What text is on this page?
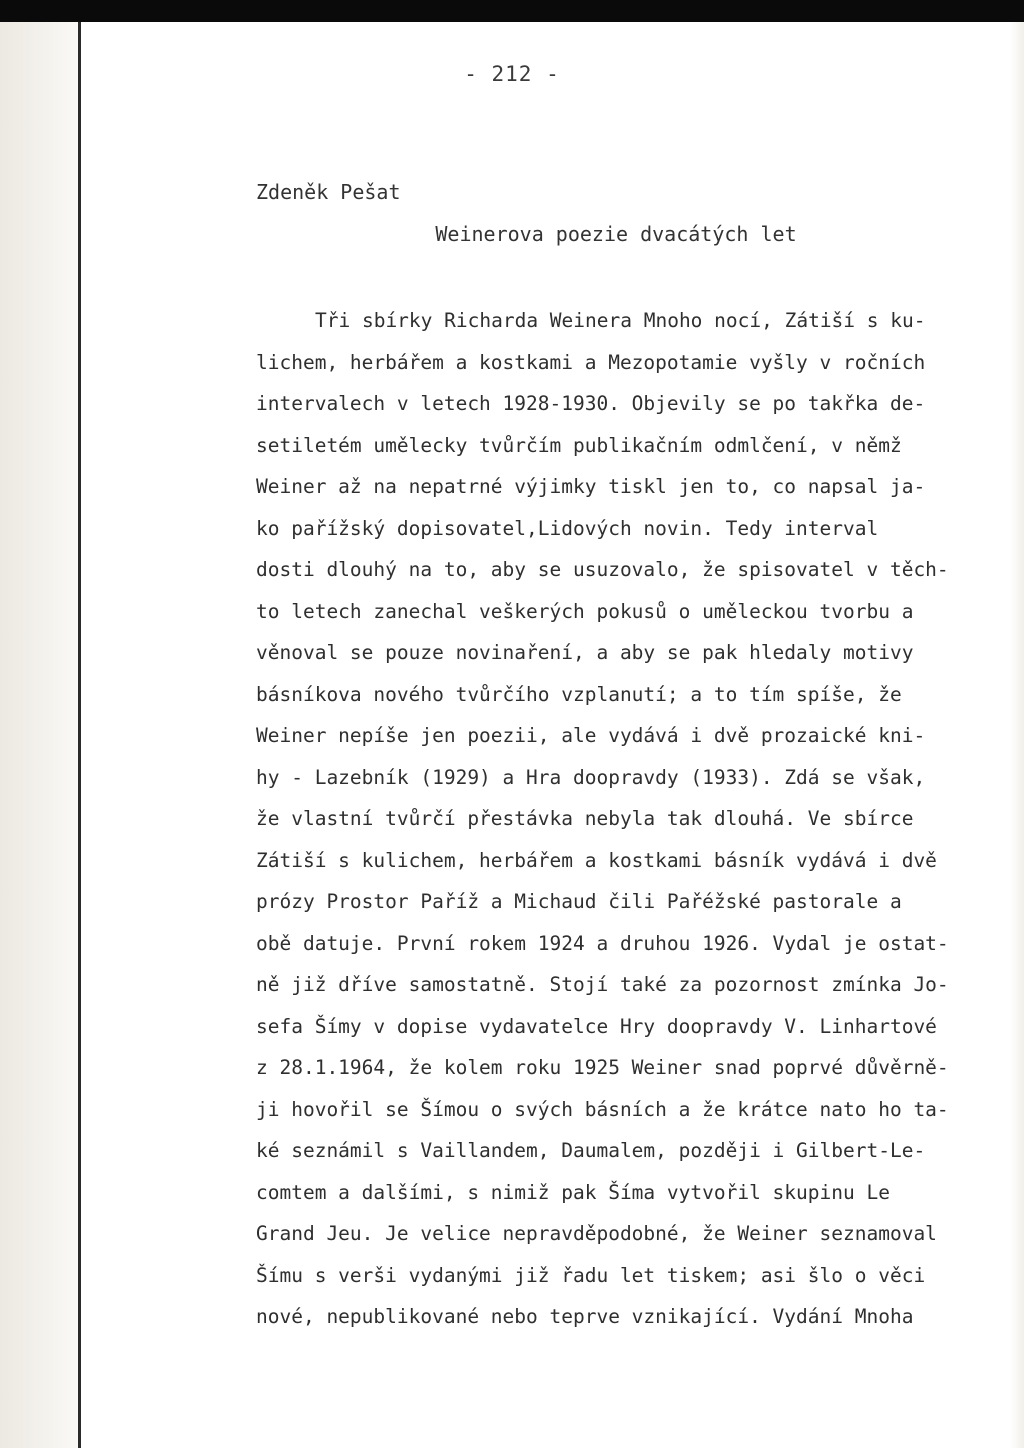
- 212 -
Zdeněk Pešat
Weinerova poezie dvacátých let
Tři sbírky Richarda Weinera Mnoho nocí, Zátiší s ku-
lichem, herbářem a kostkami a Mezopotamie vyšly v ročních
intervalech v letech 1928-1930. Objevily se po takřka de-
setiletém umělecky tvůrčím publikačním odmlčení, v němž
Weiner až na nepatrné výjimky tiskl jen to, co napsal ja-
ko pařížský dopisovatel,Lidových novin. Tedy interval
dosti dlouhý na to, aby se usuzovalo, že spisovatel v těch-
to letech zanechal veškerých pokusů o uměleckou tvorbu a
věnoval se pouze novinaření, a aby se pak hledaly motivy
básníkova nového tvůrčího vzplanutí; a to tím spíše, že
Weiner nepíše jen poezii, ale vydává i dvě prozaické kni-
hy - Lazebník (1929) a Hra doopravdy (1933). Zdá se však,
že vlastní tvůrčí přestávka nebyla tak dlouhá. Ve sbírce
Zátiší s kulichem, herbářem a kostkami básník vydává i dvě
prózy Prostor Paříž a Michaud čili Pařéžské pastorale a
obě datuje. První rokem 1924 a druhou 1926. Vydal je ostat-
ně již dříve samostatně. Stojí také za pozornost zmínka Jo-
sefa Šímy v dopise vydavatelce Hry doopravdy V. Linhartové
z 28.1.1964, že kolem roku 1925 Weiner snad poprvé důvěrně-
ji hovořil se Šímou o svých básních a že krátce nato ho ta-
ké seznámil s Vaillandem, Daumalem, později i Gilbert-Le-
comtem a dalšími, s nimiž pak Šíma vytvořil skupinu Le
Grand Jeu. Je velice nepravděpodobné, že Weiner seznamoval
Šímu s verši vydanými již řadu let tiskem; asi šlo o věci
nové, nepublikované nebo teprve vznikající. Vydání Mnoha
